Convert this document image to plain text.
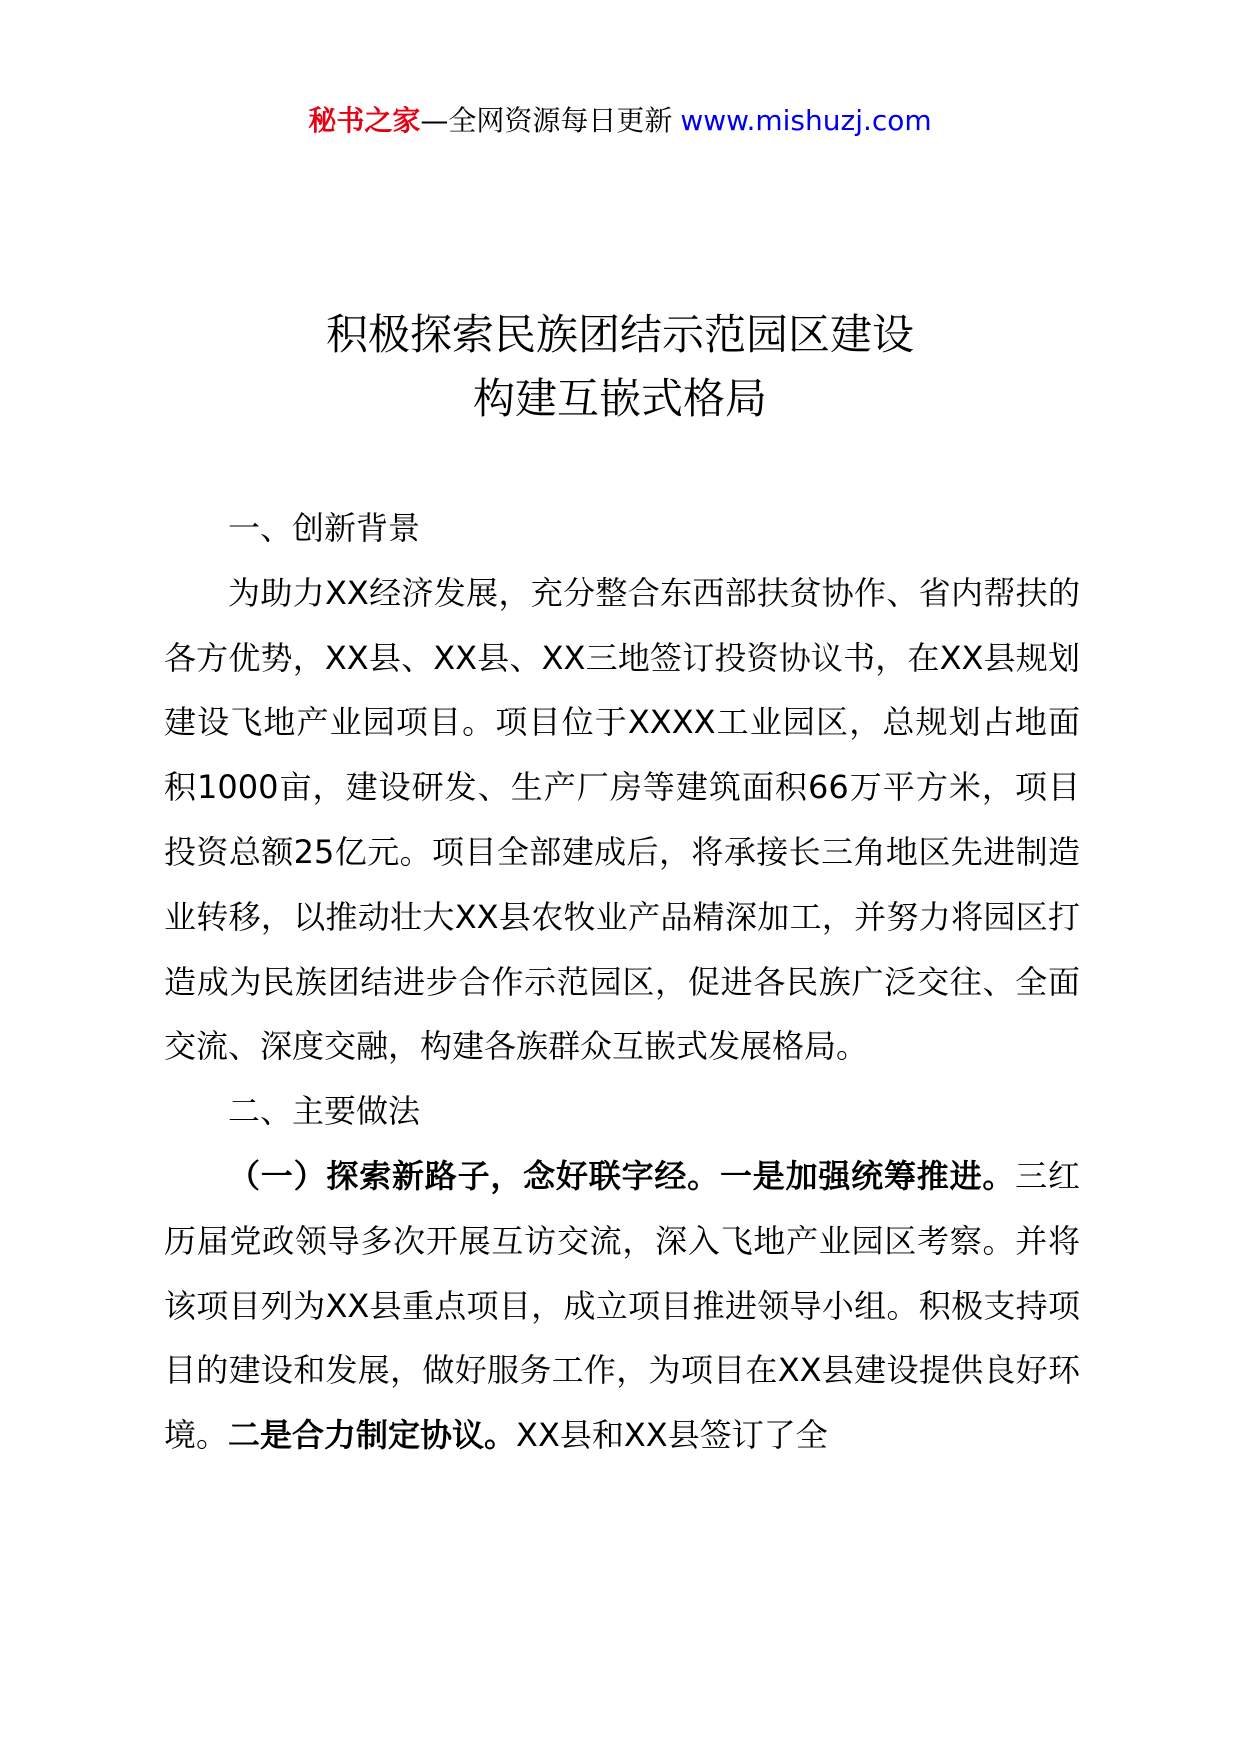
秘书之家—全网资源每日更新 www.mishuzj.com
积极探索民族团结示范园区建设
构建互嵌式格局

一、创新背景

为助力XX经济发展，充分整合东西部扶贫协作、省内帮扶的各方优势，XX县、XX县、XX三地签订投资协议书，在XX县规划建设飞地产业园项目。项目位于XXXX工业园区，总规划占地面积1000亩，建设研发、生产厂房等建筑面积66万平方米，项目投资总额25亿元。项目全部建成后，将承接长三角地区先进制造业转移，以推动壮大XX县农牧业产品精深加工，并努力将园区打造成为民族团结进步合作示范园区，促进各民族广泛交往、全面交流、深度交融，构建各族群众互嵌式发展格局。

二、主要做法

（一）探索新路子，念好联字经。一是加强统筹推进。三红历届党政领导多次开展互访交流，深入飞地产业园区考察。并将该项目列为XX县重点项目，成立项目推进领导小组。积极支持项目的建设和发展，做好服务工作，为项目在XX县建设提供良好环境。二是合力制定协议。XX县和XX县签订了全
